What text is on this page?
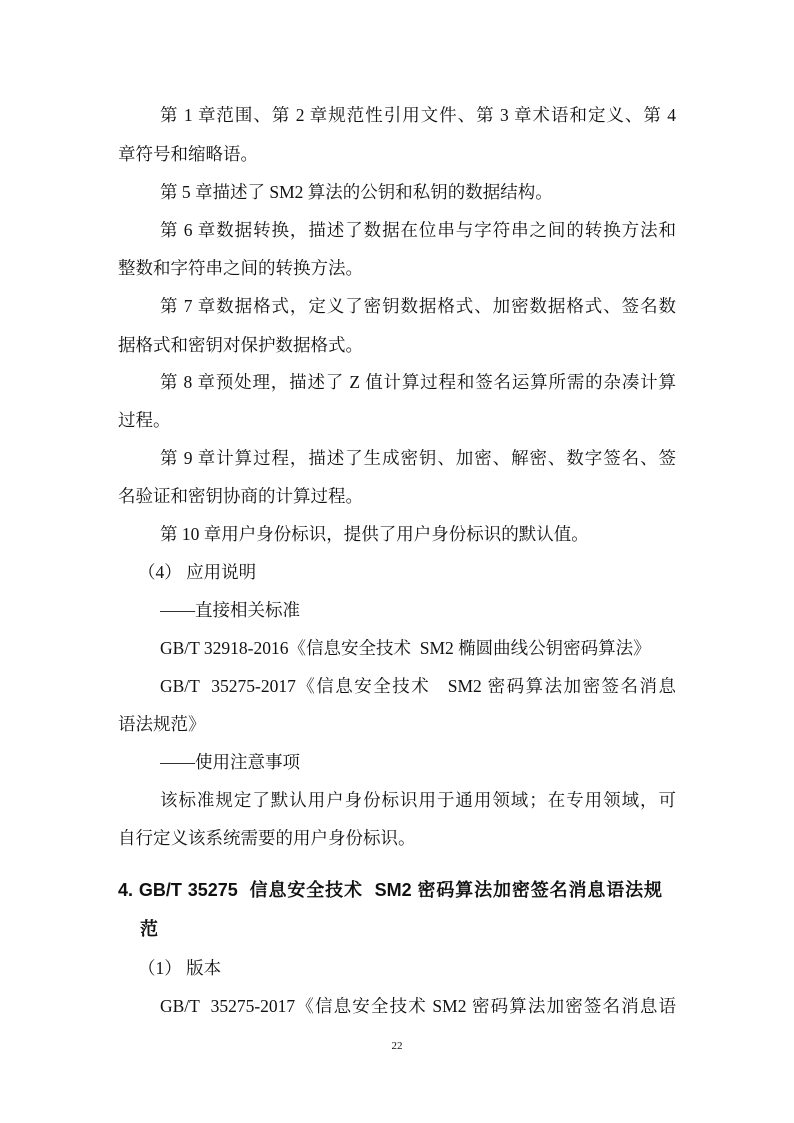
第 1 章范围、第 2 章规范性引用文件、第 3 章术语和定义、第 4
章符号和缩略语。
第 5 章描述了 SM2 算法的公钥和私钥的数据结构。
第 6 章数据转换，描述了数据在位串与字符串之间的转换方法和
整数和字符串之间的转换方法。
第 7 章数据格式，定义了密钥数据格式、加密数据格式、签名数
据格式和密钥对保护数据格式。
第 8 章预处理，描述了 Z 值计算过程和签名运算所需的杂凑计算
过程。
第 9 章计算过程，描述了生成密钥、加密、解密、数字签名、签
名验证和密钥协商的计算过程。
第 10 章用户身份标识，提供了用户身份标识的默认值。
（4） 应用说明
——直接相关标准
GB/T 32918-2016《信息安全技术  SM2 椭圆曲线公钥密码算法》
GB/T  35275-2017《信息安全技术   SM2 密码算法加密签名消息
语法规范》
——使用注意事项
该标准规定了默认用户身份标识用于通用领域；在专用领域，可
自行定义该系统需要的用户身份标识。
4. GB/T 35275  信息安全技术  SM2 密码算法加密签名消息语法规
范
（1） 版本
GB/T  35275-2017《信息安全技术 SM2 密码算法加密签名消息语
22
